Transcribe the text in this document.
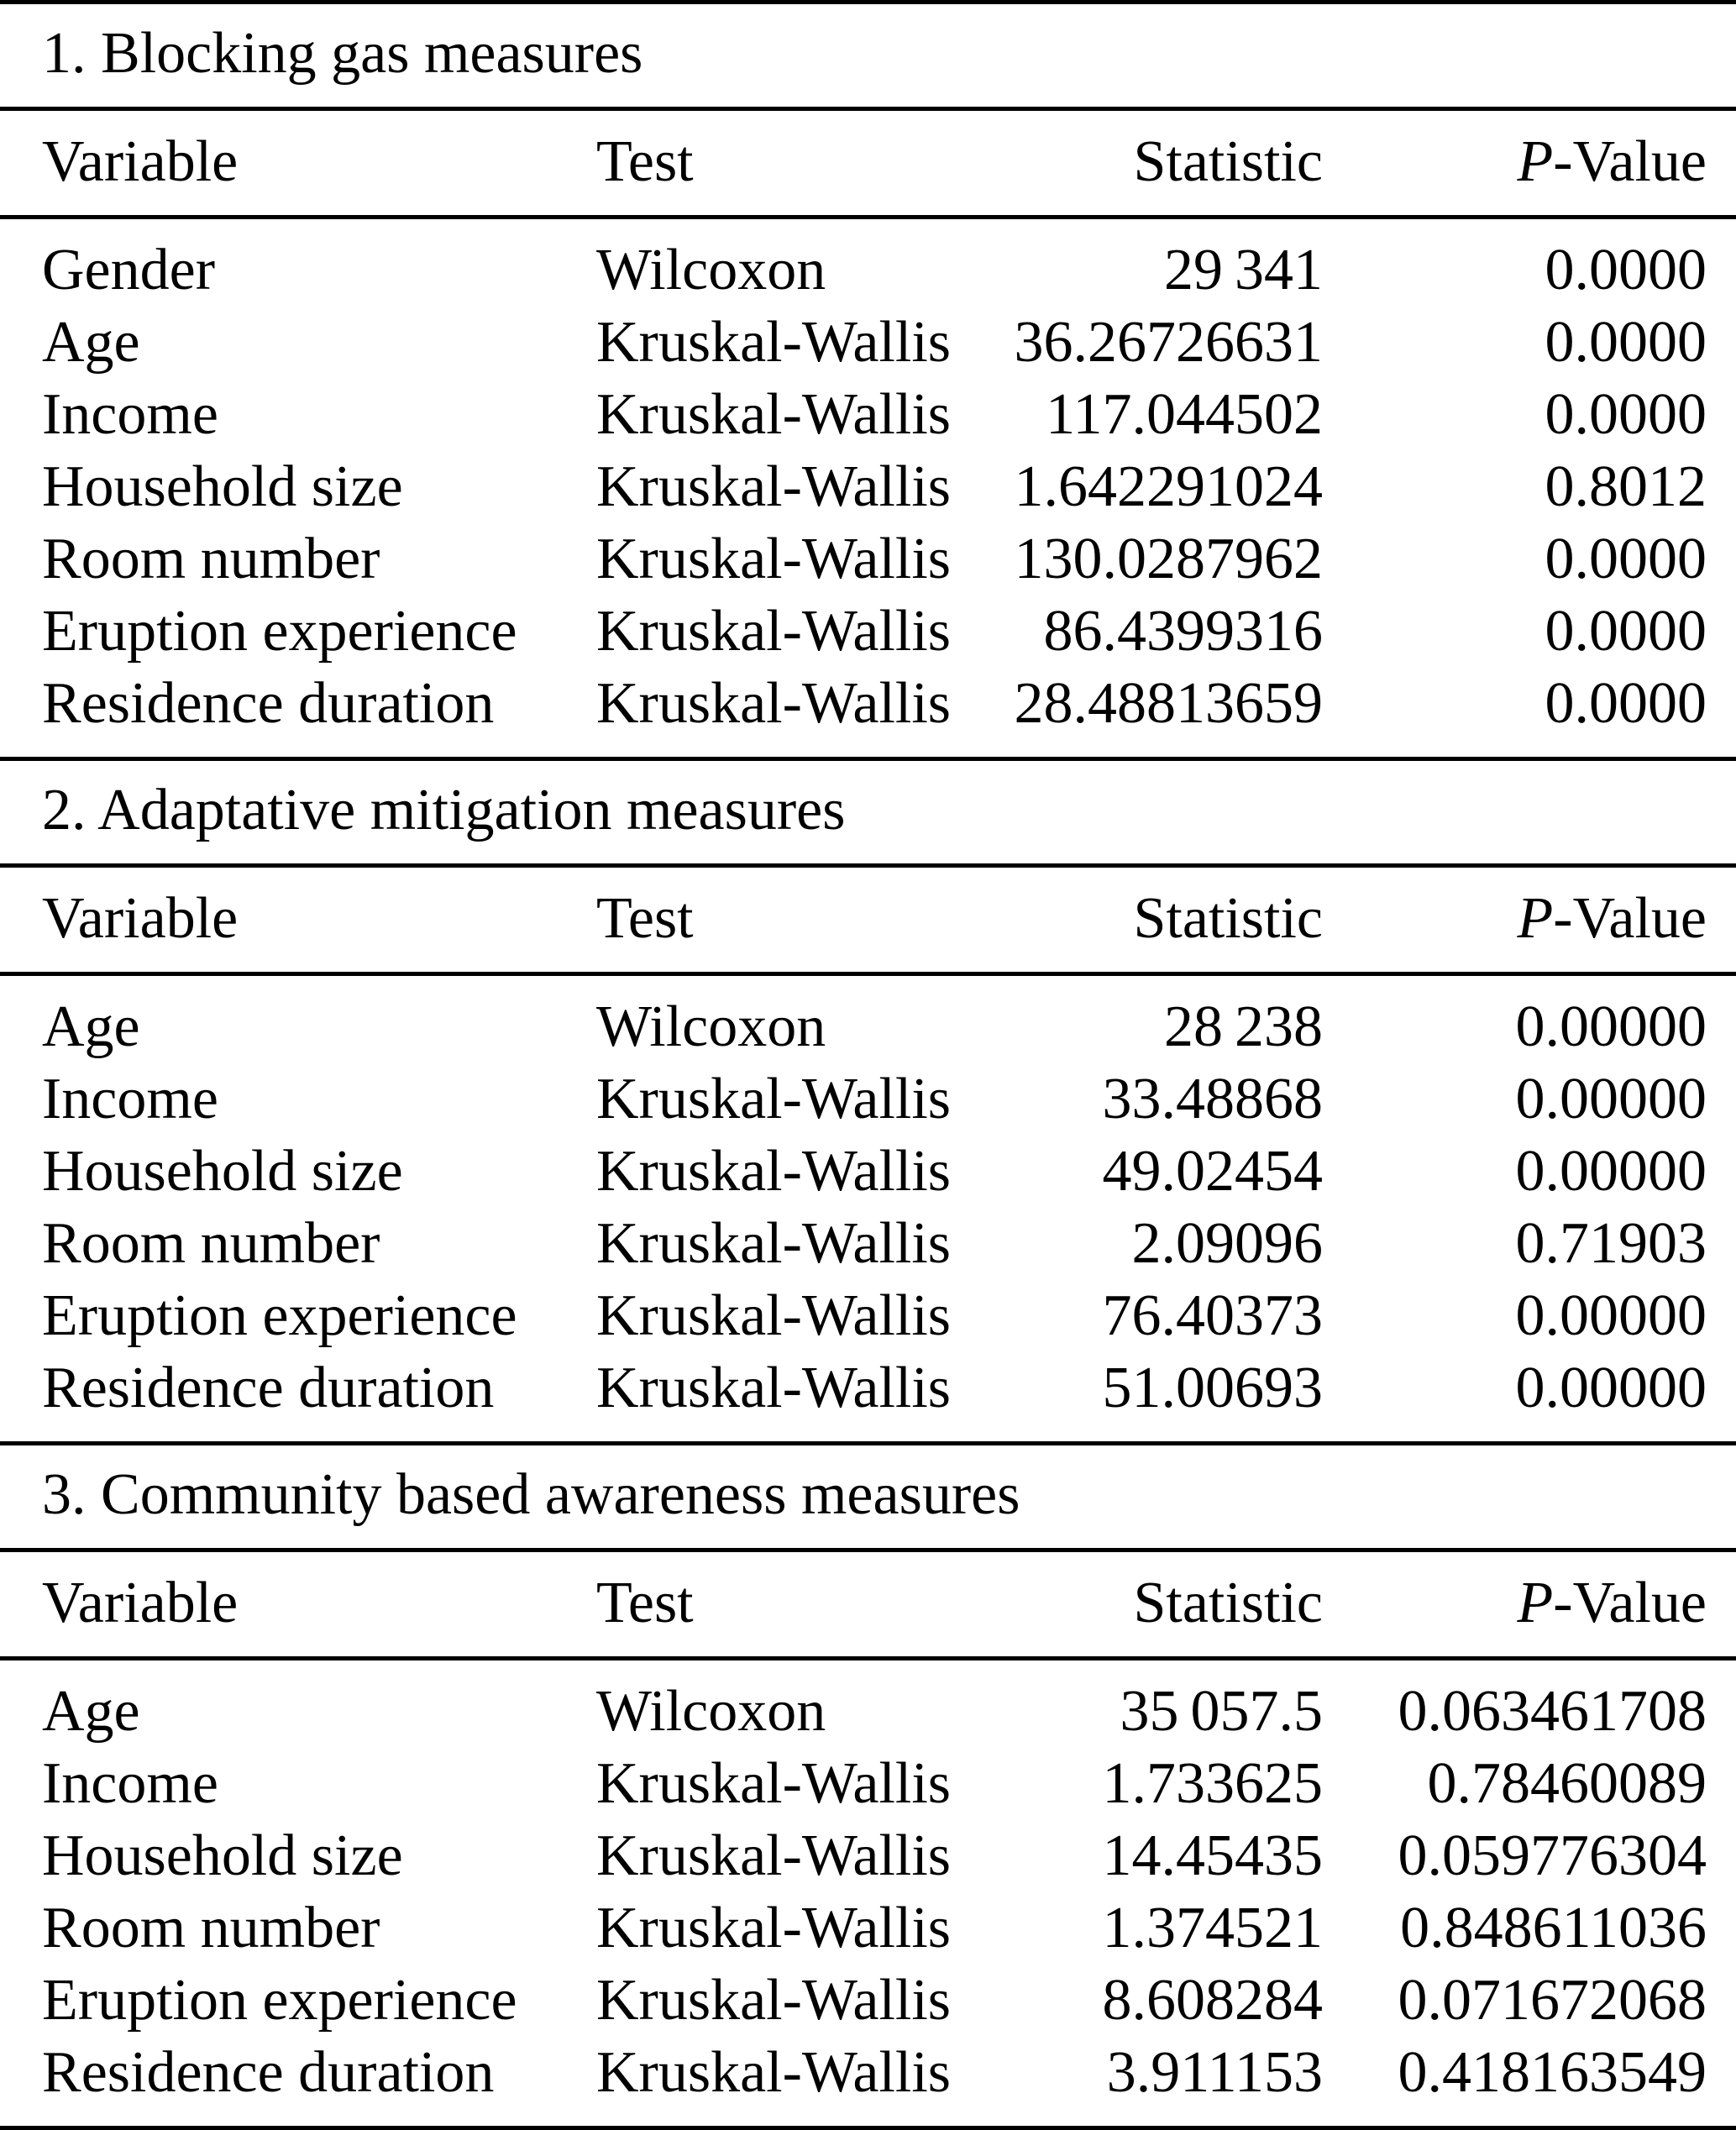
1. Blocking gas measures
Variable	Test	Statistic	P-Value
Gender	Wilcoxon	29 341	0.0000
Age	Kruskal-Wallis	36.26726631	0.0000
Income	Kruskal-Wallis	117.044502	0.0000
Household size	Kruskal-Wallis	1.642291024	0.8012
Room number	Kruskal-Wallis	130.0287962	0.0000
Eruption experience	Kruskal-Wallis	86.4399316	0.0000
Residence duration	Kruskal-Wallis	28.48813659	0.0000
2. Adaptative mitigation measures
Variable	Test	Statistic	P-Value
Age	Wilcoxon	28 238	0.00000
Income	Kruskal-Wallis	33.48868	0.00000
Household size	Kruskal-Wallis	49.02454	0.00000
Room number	Kruskal-Wallis	2.09096	0.71903
Eruption experience	Kruskal-Wallis	76.40373	0.00000
Residence duration	Kruskal-Wallis	51.00693	0.00000
3. Community based awareness measures
Variable	Test	Statistic	P-Value
Age	Wilcoxon	35 057.5	0.063461708
Income	Kruskal-Wallis	1.733625	0.78460089
Household size	Kruskal-Wallis	14.45435	0.059776304
Room number	Kruskal-Wallis	1.374521	0.848611036
Eruption experience	Kruskal-Wallis	8.608284	0.071672068
Residence duration	Kruskal-Wallis	3.911153	0.418163549
